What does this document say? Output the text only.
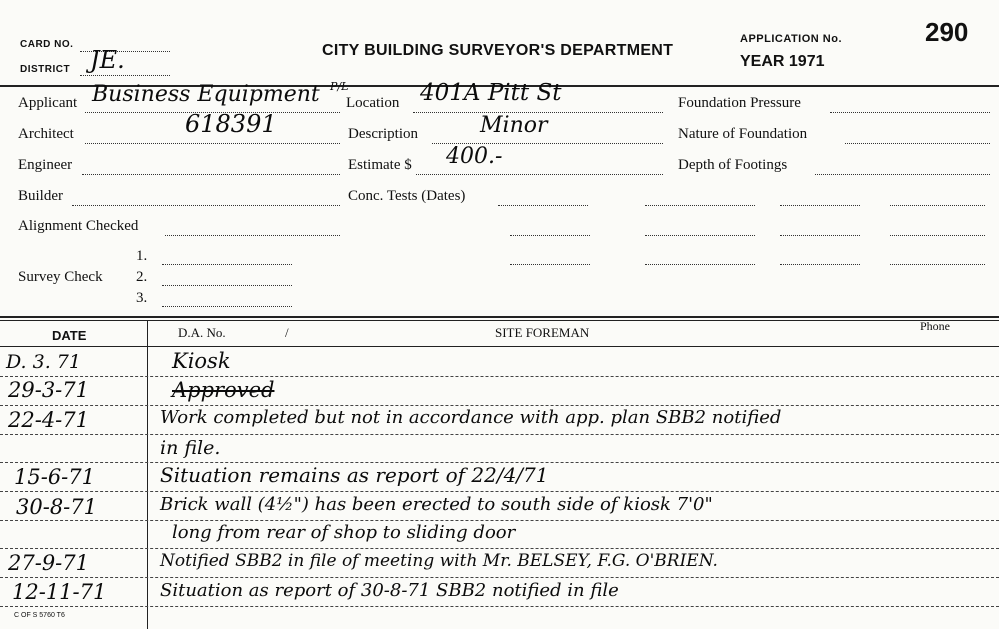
CARD NO.
DISTRICT JE.	CITY BUILDING SURVEYOR'S DEPARTMENT
APPLICATION No.
YEAR 1971
290
Applicant Business Equipment
Architect	618391
Engineer
Builder
Alignment Checked
Survey Check
1.
2.
3.
P/L
Location 401A Pitt St
Description	Minor
Estimate $ 400.-
Conc. Tests (Dates)
Foundation Pressure
Nature of Foundation
Depth of Footings
DATE	D.A. No.	/	SITE FOREMAN	Phone
D. 3. 71	Kiosk
29-3-71	Approved
22-4-71	Work completed but not in accordance with app. plan SBB2 notified
in file.
15-6-71	Situation remains as report of 22/4/71
30-8-71	Brick wall (4½") has been erected to south side of kiosk 7'0"
long from rear of shop to sliding door
27-9-71	Notified SBB2 in file of meeting with Mr. BELSEY, F.G. O'BRIEN.
12-11-71	Situation as report of 30-8-71 SBB2 notified in file
C OF S 5760 T6
